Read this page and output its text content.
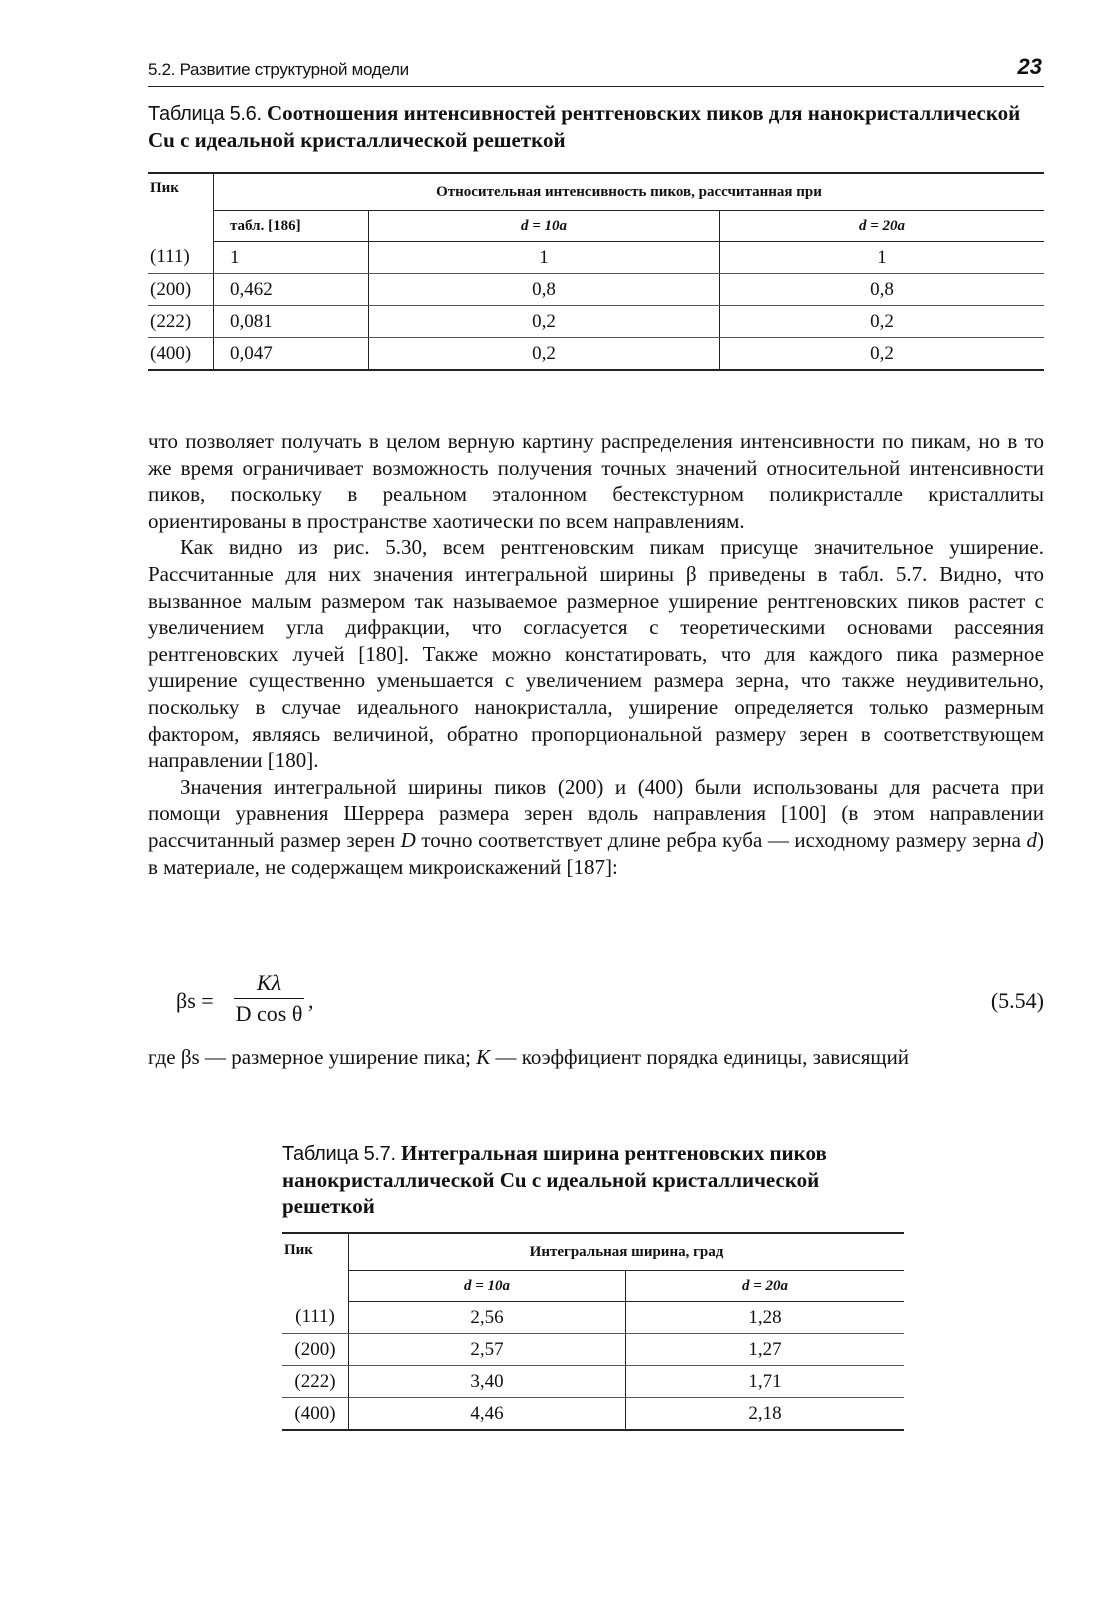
5.2. Развитие структурной модели	23
Таблица 5.6. Соотношения интенсивностей рентгеновских пиков для нанокристаллической Cu с идеальной кристаллической решеткой
Пик	Относительная интенсивность пиков, рассчитанная при		
	табл. [186]	d = 10a	d = 20a
(111)	1	1	1
(200)	0,462	0,8	0,8
(222)	0,081	0,2	0,2
(400)	0,047	0,2	0,2

что позволяет получать в целом верную картину распределения интенсивности по пикам, но в то же время ограничивает возможность получения точных значений относительной интенсивности пиков, поскольку в реальном эталонном бестекстурном поликристалле кристаллиты ориентированы в пространстве хаотически по всем направлениям.

Как видно из рис. 5.30, всем рентгеновским пикам присуще значительное уширение. Рассчитанные для них значения интегральной ширины β приведены в табл. 5.7. Видно, что вызванное малым размером так называемое размерное уширение рентгеновских пиков растет с увеличением угла дифракции, что согласуется с теоретическими основами рассеяния рентгеновских лучей [180]. Также можно констатировать, что для каждого пика размерное уширение существенно уменьшается с увеличением размера зерна, что также неудивительно, поскольку в случае идеального нанокристалла, уширение определяется только размерным фактором, являясь величиной, обратно пропорциональной размеру зерен в соответствующем направлении [180].

Значения интегральной ширины пиков (200) и (400) были использованы для расчета при помощи уравнения Шеррера размера зерен вдоль направления [100] (в этом направлении рассчитанный размер зерен D точно соответствует длине ребра куба — исходному размеру зерна d) в материале, не содержащем микроискажений [187]:

$\beta s = \frac{K\lambda}{\text{D cos θ}}$ ,	(5.54)
где βs — размерное уширение пика; K — коэффициент порядка единицы, зависящий
Таблица 5.7. Интегральная ширина рентгеновских пиков нанокристаллической Cu с идеальной кристаллической решеткой
Пик	Интегральная ширина, град	
	d = 10a	d = 20a
(111)	2,56	1,28
(200)	2,57	1,27
(222)	3,40	1,71
(400)	4,46	2,18
